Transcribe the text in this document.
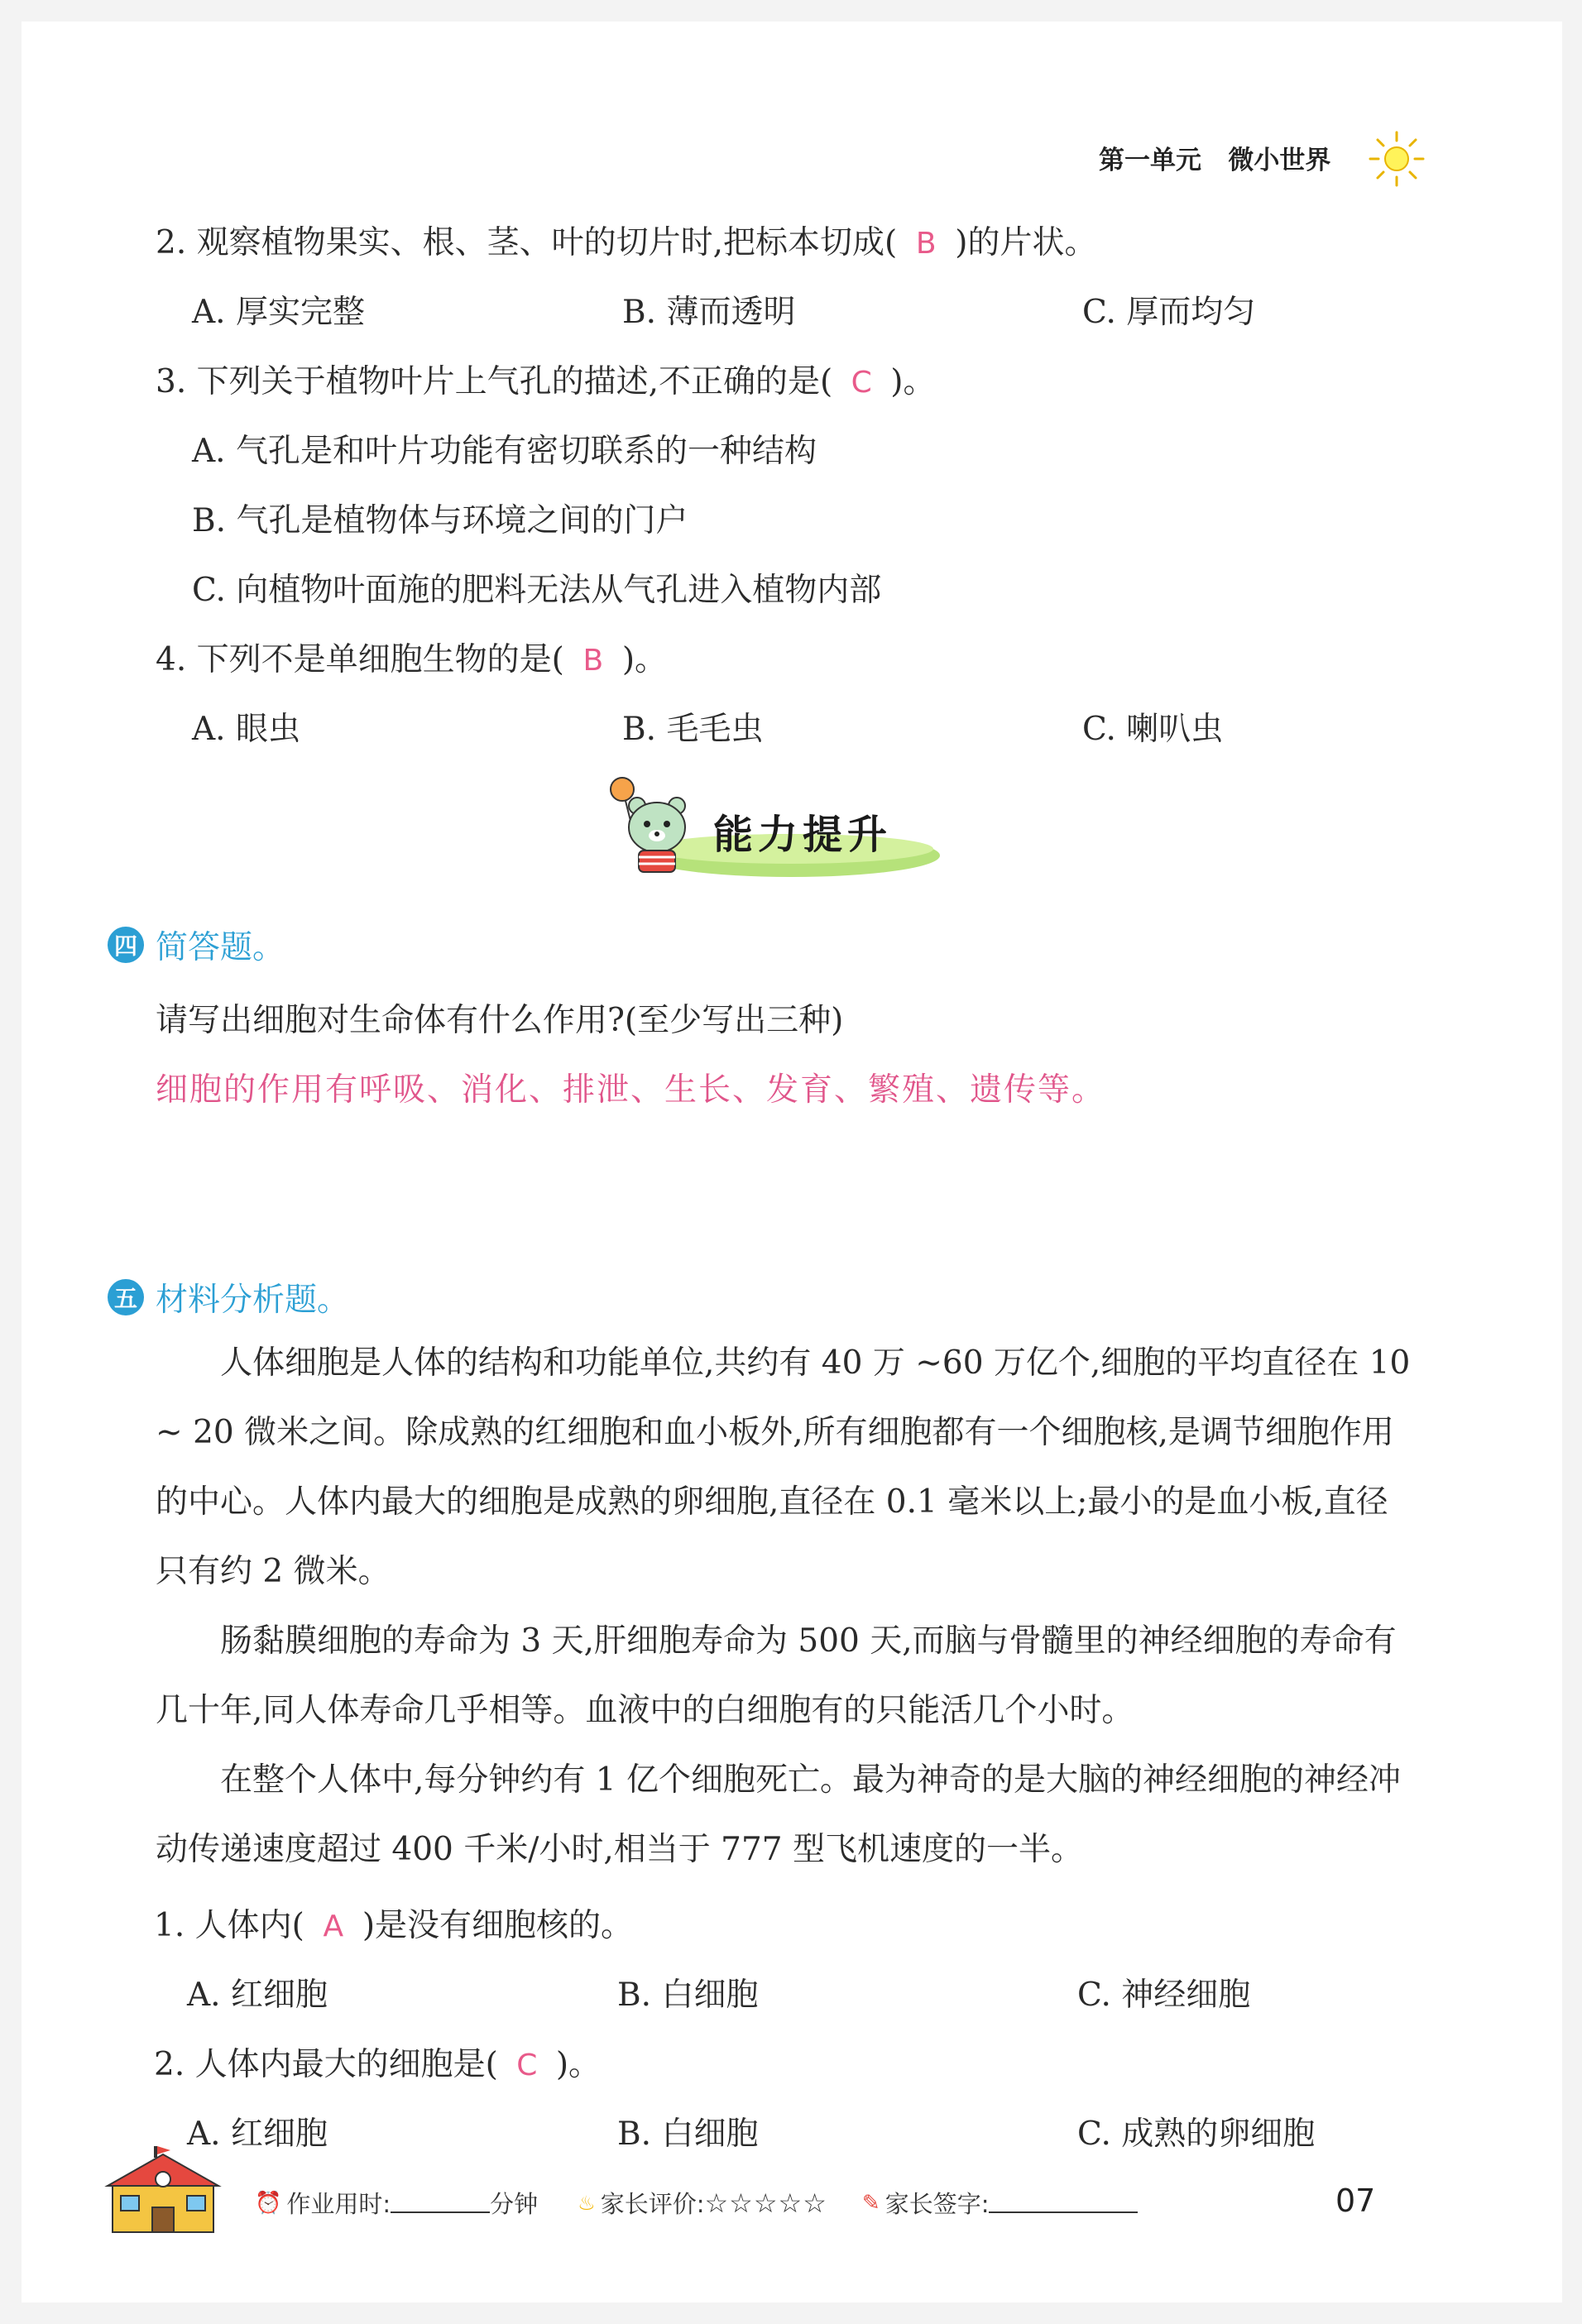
第一单元 微小世界
2. 观察植物果实、根、茎、叶的切片时,把标本切成( B )的片状。
A. 厚实完整	B. 薄而透明	C. 厚而均匀
3. 下列关于植物叶片上气孔的描述,不正确的是( C )。
A. 气孔是和叶片功能有密切联系的一种结构
B. 气孔是植物体与环境之间的门户
C. 向植物叶面施的肥料无法从气孔进入植物内部
4. 下列不是单细胞生物的是( B )。
A. 眼虫	B. 毛毛虫	C. 喇叭虫
能力提升
四 简答题。
请写出细胞对生命体有什么作用?(至少写出三种)
细胞的作用有呼吸、消化、排泄、生长、发育、繁殖、遗传等。
五 材料分析题。
人体细胞是人体的结构和功能单位,共约有 40 万 ~60 万亿个,细胞的平均直径在 10 ~ 20 微米之间。除成熟的红细胞和血小板外,所有细胞都有一个细胞核,是调节细胞作用的中心。人体内最大的细胞是成熟的卵细胞,直径在 0.1 毫米以上;最小的是血小板,直径只有约 2 微米。
肠黏膜细胞的寿命为 3 天,肝细胞寿命为 500 天,而脑与骨髓里的神经细胞的寿命有几十年,同人体寿命几乎相等。血液中的白细胞有的只能活几个小时。
在整个人体中,每分钟约有 1 亿个细胞死亡。最为神奇的是大脑的神经细胞的神经冲动传递速度超过 400 千米/小时,相当于 777 型飞机速度的一半。
1. 人体内( A )是没有细胞核的。
A. 红细胞	B. 白细胞	C. 神经细胞
2. 人体内最大的细胞是( C )。
A. 红细胞	B. 白细胞	C. 成熟的卵细胞
⏰ 作业用时:	分钟 ♨ 家长评价: ☆☆☆☆☆ ✎ 家长签字:	07
